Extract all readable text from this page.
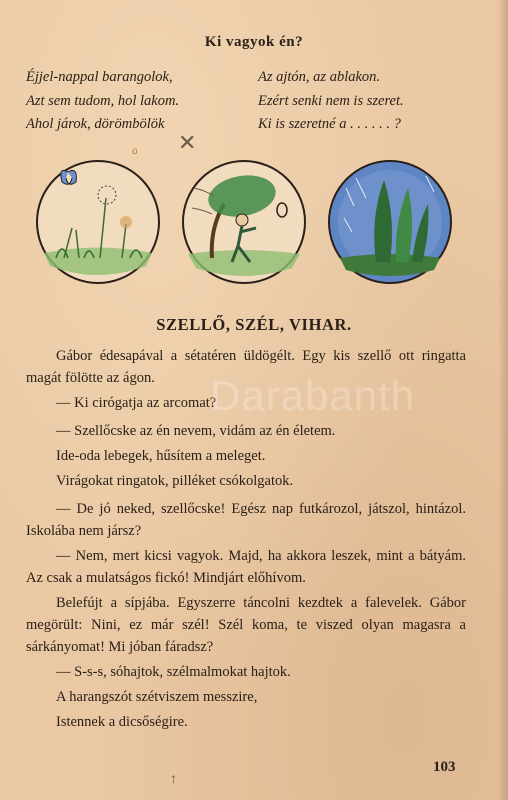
Ki vagyok én?
Éjjel-nappal barangolok,
Azt sem tudom, hol lakom.
Ahol járok, dörömbölök
Az ajtón, az ablakon.
Ezért senki nem is szeret.
Ki is szeretné a . . . . . . ?
✕
o
SZELLŐ, SZÉL, VIHAR.

Gábor édesapával a sétatéren üldögélt. Egy kis szellő ott ringatta magát fölötte az ágon.

— Ki cirógatja az arcomat?

— Szellőcske az én nevem, vidám az én életem.

Ide-oda lebegek, hűsítem a meleget.

Virágokat ringatok, pilléket csókolgatok.

— De jó neked, szellőcske! Egész nap futkározol, játszol, hintázol. Iskolába nem jársz?

— Nem, mert kicsi vagyok. Majd, ha akkora leszek, mint a bátyám. Az csak a mulatságos fickó! Mindjárt előhívom.

Belefújt a sípjába. Egyszerre táncolni kezdtek a falevelek. Gábor megörült: Nini, ez már szél! Szél koma, te viszed olyan magasra a sárkányomat! Mi jóban fáradsz?

— S-s-s, sóhajtok, szélmalmokat hajtok.

A harangszót szétviszem messzire,

Istennek a dicsőségire.

Darabanth
103
↑
